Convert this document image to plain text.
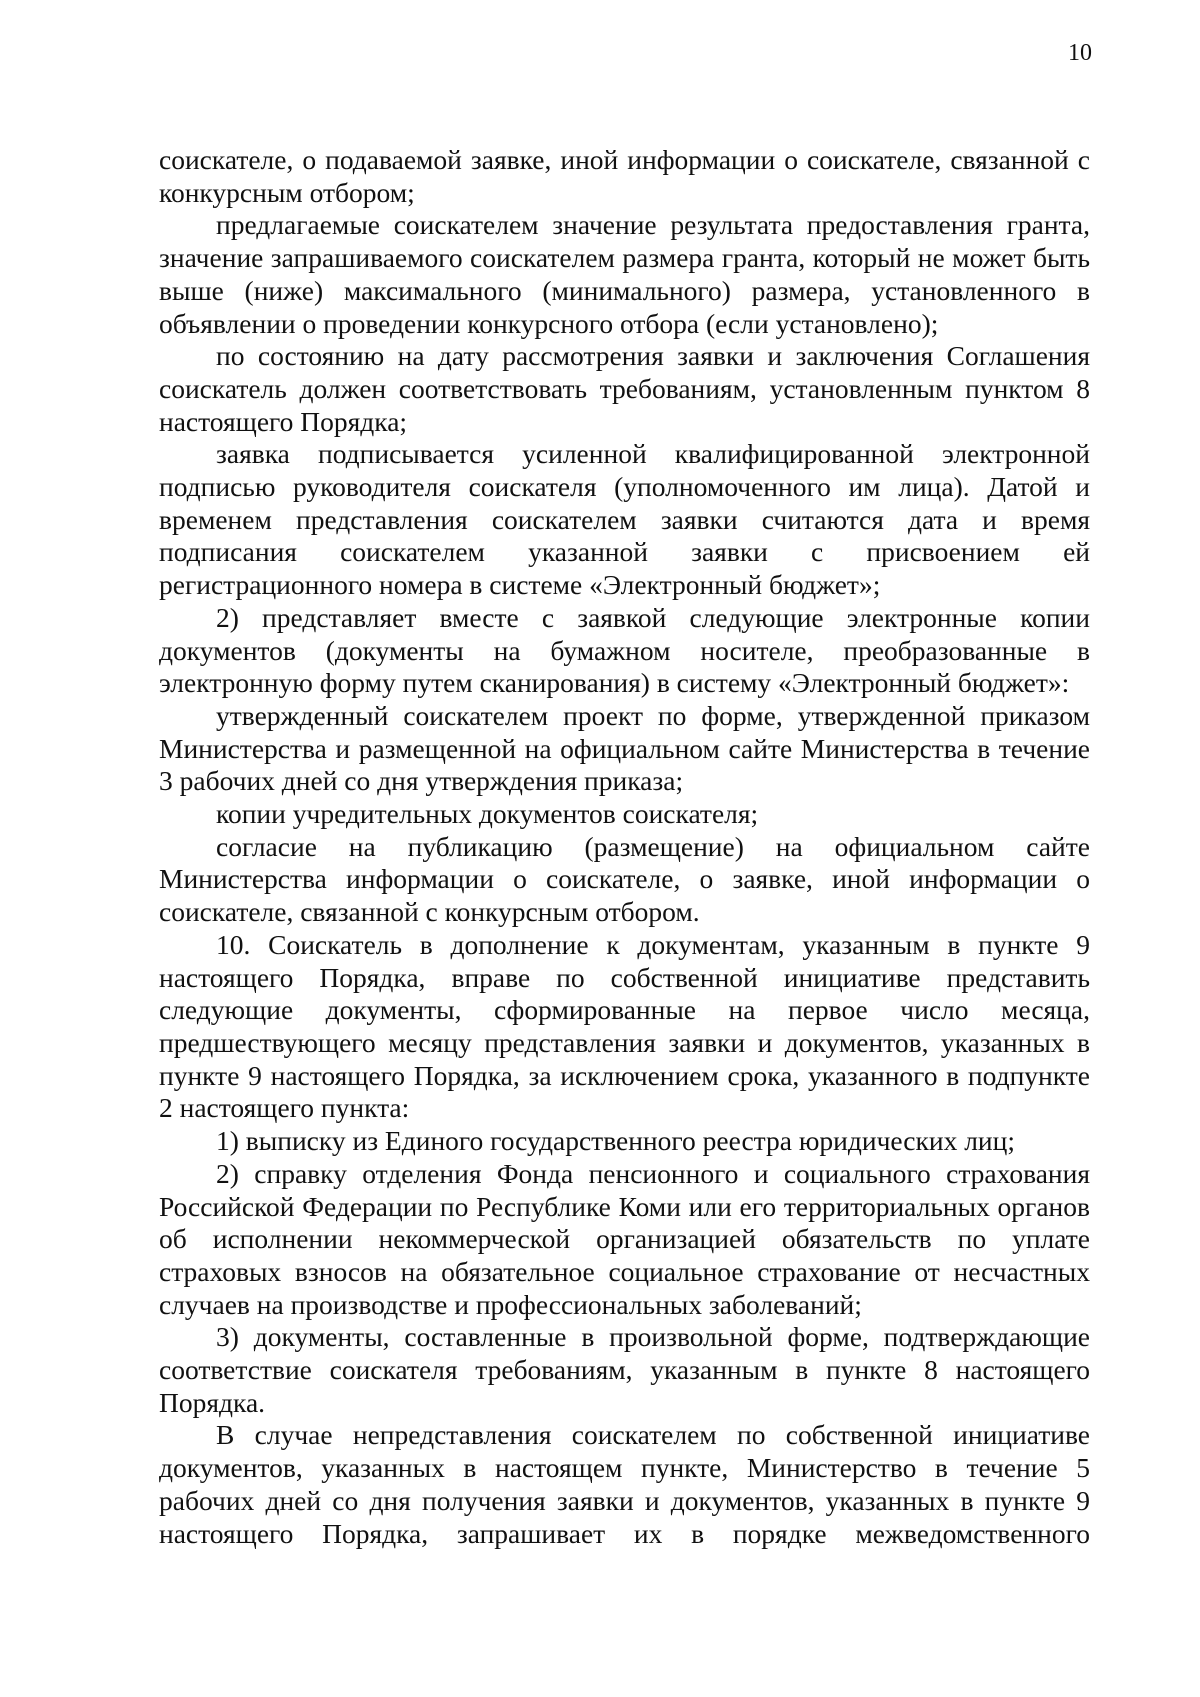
10

соискателе, о подаваемой заявке, иной информации о соискателе, связанной с конкурсным отбором;

предлагаемые соискателем значение результата предоставления гранта, значение запрашиваемого соискателем размера гранта, который не может быть выше (ниже) максимального (минимального) размера, установленного в объявлении о проведении конкурсного отбора (если установлено);

по состоянию на дату рассмотрения заявки и заключения Соглашения соискатель должен соответствовать требованиям, установленным пунктом 8 настоящего Порядка;

заявка подписывается усиленной квалифицированной электронной подписью руководителя соискателя (уполномоченного им лица). Датой и временем представления соискателем заявки считаются дата и время подписания соискателем указанной заявки с присвоением ей регистрационного номера в системе «Электронный бюджет»;

2) представляет вместе с заявкой следующие электронные копии документов (документы на бумажном носителе, преобразованные в электронную форму путем сканирования) в систему «Электронный бюджет»:

утвержденный соискателем проект по форме, утвержденной приказом Министерства и размещенной на официальном сайте Министерства в течение 3 рабочих дней со дня утверждения приказа;

копии учредительных документов соискателя;

согласие на публикацию (размещение) на официальном сайте Министерства информации о соискателе, о заявке, иной информации о соискателе, связанной с конкурсным отбором.

10. Соискатель в дополнение к документам, указанным в пункте 9 настоящего Порядка, вправе по собственной инициативе представить следующие документы, сформированные на первое число месяца, предшествующего месяцу представления заявки и документов, указанных в пункте 9 настоящего Порядка, за исключением срока, указанного в подпункте 2 настоящего пункта:

1) выписку из Единого государственного реестра юридических лиц;

2) справку отделения Фонда пенсионного и социального страхования Российской Федерации по Республике Коми или его территориальных органов об исполнении некоммерческой организацией обязательств по уплате страховых взносов на обязательное социальное страхование от несчастных случаев на производстве и профессиональных заболеваний;

3) документы, составленные в произвольной форме, подтверждающие соответствие соискателя требованиям, указанным в пункте 8 настоящего Порядка.

В случае непредставления соискателем по собственной инициативе документов, указанных в настоящем пункте, Министерство в течение 5 рабочих дней со дня получения заявки и документов, указанных в пункте 9 настоящего Порядка, запрашивает их в порядке межведомственного
